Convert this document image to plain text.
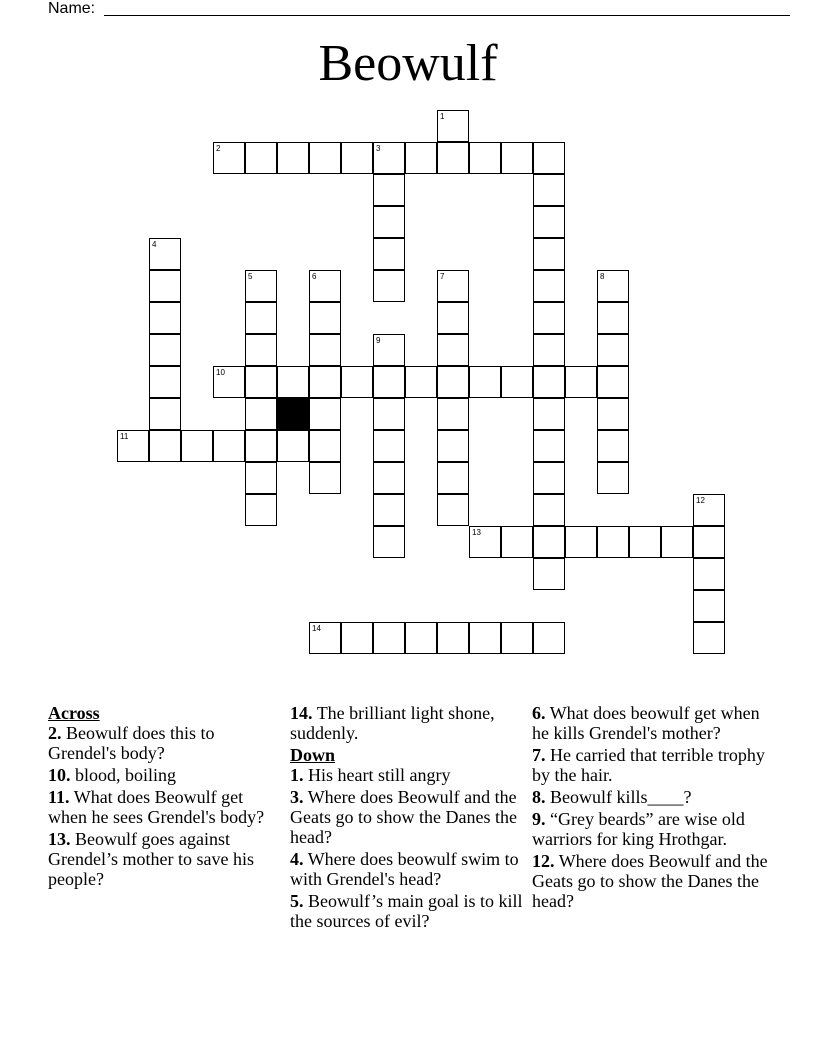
Name:
Beowulf
1
2	3
4
5	6	7	8
9
10
11
12
13
14
Across
2. Beowulf does this to Grendel's body?
10. blood, boiling
11. What does Beowulf get when he sees Grendel's body?
13. Beowulf goes against Grendel’s mother to save his people?
14. The brilliant light shone, suddenly.
Down
1. His heart still angry
3. Where does Beowulf and the Geats go to show the Danes the head?
4. Where does beowulf swim to with Grendel's head?
5. Beowulf’s main goal is to kill the sources of evil?
6. What does beowulf get when he kills Grendel's mother?
7. He carried that terrible trophy by the hair.
8. Beowulf kills____?
9. “Grey beards” are wise old warriors for king Hrothgar.
12. Where does Beowulf and the Geats go to show the Danes the head?
